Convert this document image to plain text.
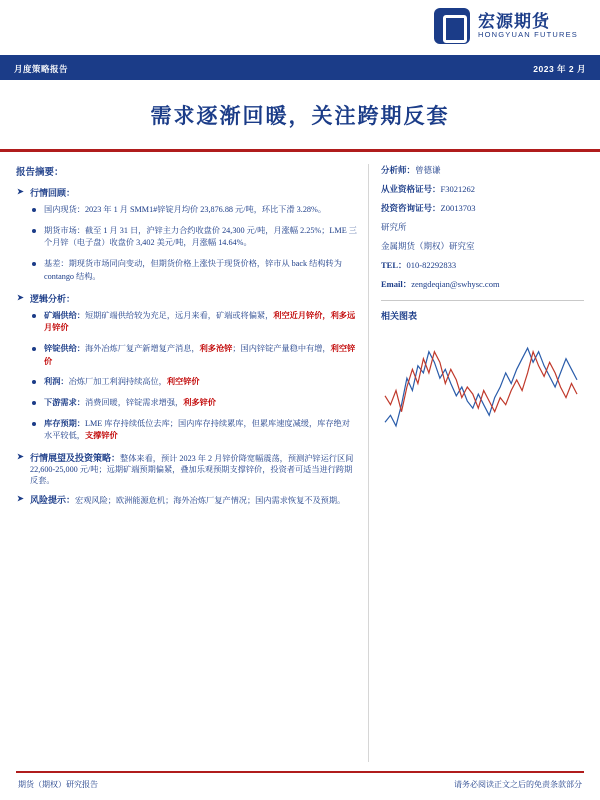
宏源期货
HONGYUAN FUTURES
月度策略报告	2023 年 2 月
需求逐渐回暖，关注跨期反套
报告摘要：
➤ 行情回顾：
国内现货：2023 年 1 月 SMM1#锌锭月均价 23,876.88 元/吨，环比下滑 3.28%。
期货市场：截至 1 月 31 日，沪锌主力合约收盘价 24,300 元/吨，月涨幅 2.25%；LME 三个月锌（电子盘）收盘价 3,402 美元/吨，月涨幅 14.64%。
基差：期现货市场同向变动，但期货价格上涨快于现货价格，锌市从 back 结构转为 contango 结构。
➤ 逻辑分析：
矿端供给：短期矿端供给较为充足，远月来看，矿端或将偏紧，利空近月锌价，利多远月锌价
锌锭供给：海外冶炼厂复产新增复产消息，利多沧锌；国内锌锭产量稳中有增，利空锌价
利润：冶炼厂加工利润持续高位，利空锌价
下游需求：消费回暖，锌锭需求增强，利多锌价
库存预期：LME 库存持续低位去库；国内库存持续累库，但累库速度减缓，库存绝对水平较低，支撑锌价
➤ 行情展望及投资策略：整体来看，预计 2023 年 2 月锌价降宽幅震荡，预测沪锌运行区间 22,600-25,000 元/吨；远期矿端预期偏紧，叠加乐观预期支撑锌价，投资者可适当进行跨期反套。
➤ 风险提示：宏观风险；欧洲能源危机；海外冶炼厂复产情况；国内需求恢复不及预期。
分析师：曾德谦
从业资格证号：F3021262
投资咨询证号：Z0013703
研究所
金属期货（期权）研究室
TEL：010-82292833
Email：zengdeqian@swhysc.com
相关图表
期货（期权）研究报告	请务必阅读正文之后的免责条款部分
